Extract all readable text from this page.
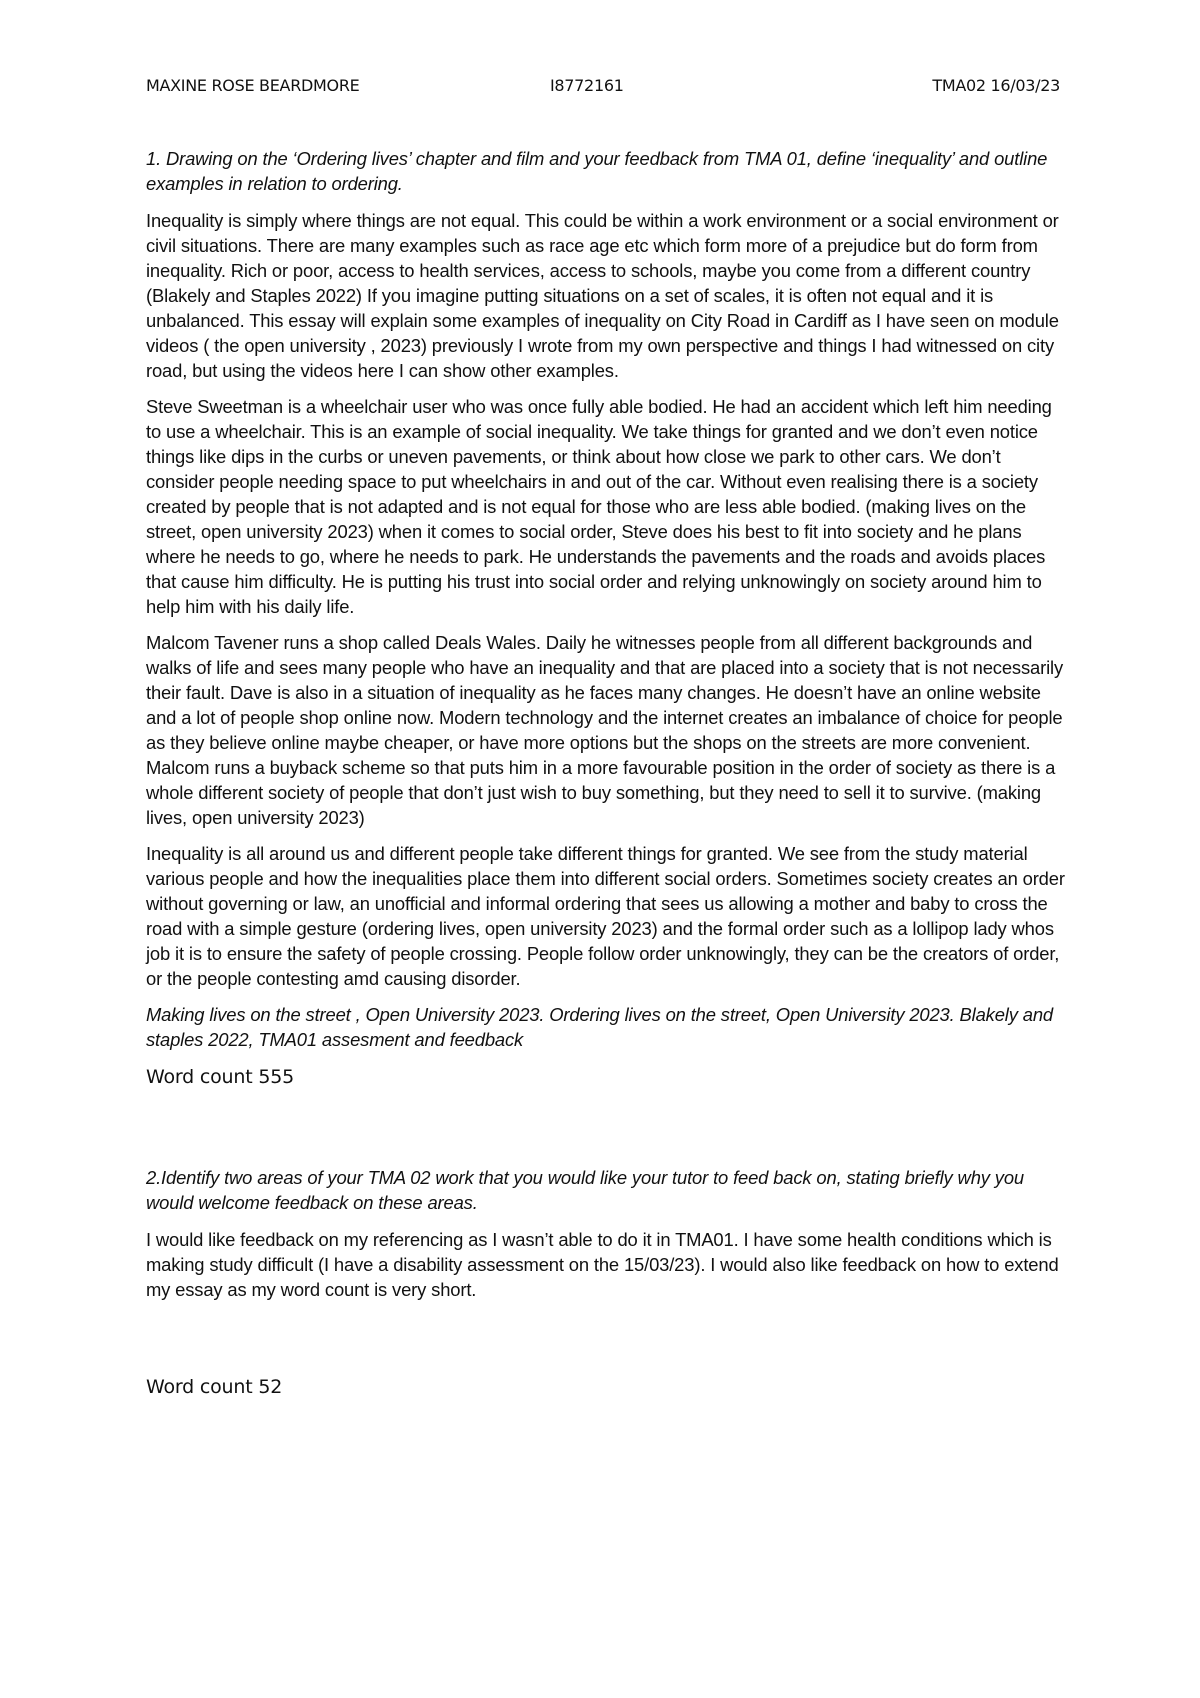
MAXINE ROSE BEARDMORE	I8772161	TMA02 16/03/23

1. Drawing on the ‘Ordering lives’ chapter and film and your feedback from TMA 01, define ‘inequality’ and outline examples in relation to ordering.

Inequality is simply where things are not equal. This could be within a work environment or a social environment or civil situations. There are many examples such as race age etc which form more of a prejudice but do form from inequality. Rich or poor, access to health services, access to schools, maybe you come from a different country (Blakely and Staples 2022) If you imagine putting situations on a set of scales, it is often not equal and it is unbalanced. This essay will explain some examples of inequality on City Road in Cardiff as I have seen on module videos ( the open university , 2023) previously I wrote from my own perspective and things I had witnessed on city road, but using the videos here I can show other examples.

Steve Sweetman is a wheelchair user who was once fully able bodied. He had an accident which left him needing to use a wheelchair. This is an example of social inequality. We take things for granted and we don’t even notice things like dips in the curbs or uneven pavements, or think about how close we park to other cars. We don’t consider people needing space to put wheelchairs in and out of the car. Without even realising there is a society created by people that is not adapted and is not equal for those who are less able bodied. (making lives on the street, open university 2023) when it comes to social order, Steve does his best to fit into society and he plans where he needs to go, where he needs to park. He understands the pavements and the roads and avoids places that cause him difficulty. He is putting his trust into social order and relying unknowingly on society around him to help him with his daily life.

Malcom Tavener runs a shop called Deals Wales. Daily he witnesses people from all different backgrounds and walks of life and sees many people who have an inequality and that are placed into a society that is not necessarily their fault. Dave is also in a situation of inequality as he faces many changes. He doesn’t have an online website and a lot of people shop online now. Modern technology and the internet creates an imbalance of choice for people as they believe online maybe cheaper, or have more options but the shops on the streets are more convenient. Malcom runs a buyback scheme so that puts him in a more favourable position in the order of society as there is a whole different society of people that don’t just wish to buy something, but they need to sell it to survive. (making lives, open university 2023)

Inequality is all around us and different people take different things for granted. We see from the study material various people and how the inequalities place them into different social orders. Sometimes society creates an order without governing or law, an unofficial and informal ordering that sees us allowing a mother and baby to cross the road with a simple gesture (ordering lives, open university 2023) and the formal order such as a lollipop lady whos job it is to ensure the safety of people crossing. People follow order unknowingly, they can be the creators of order, or the people contesting amd causing disorder.

Making lives on the street , Open University 2023. Ordering lives on the street, Open University 2023. Blakely and staples 2022, TMA01 assesment and feedback

Word count 555

2.Identify two areas of your TMA 02 work that you would like your tutor to feed back on, stating briefly why you would welcome feedback on these areas.

I would like feedback on my referencing as I wasn’t able to do it in TMA01. I have some health conditions which is making study difficult (I have a disability assessment on the 15/03/23). I would also like feedback on how to extend my essay as my word count is very short.

Word count 52
